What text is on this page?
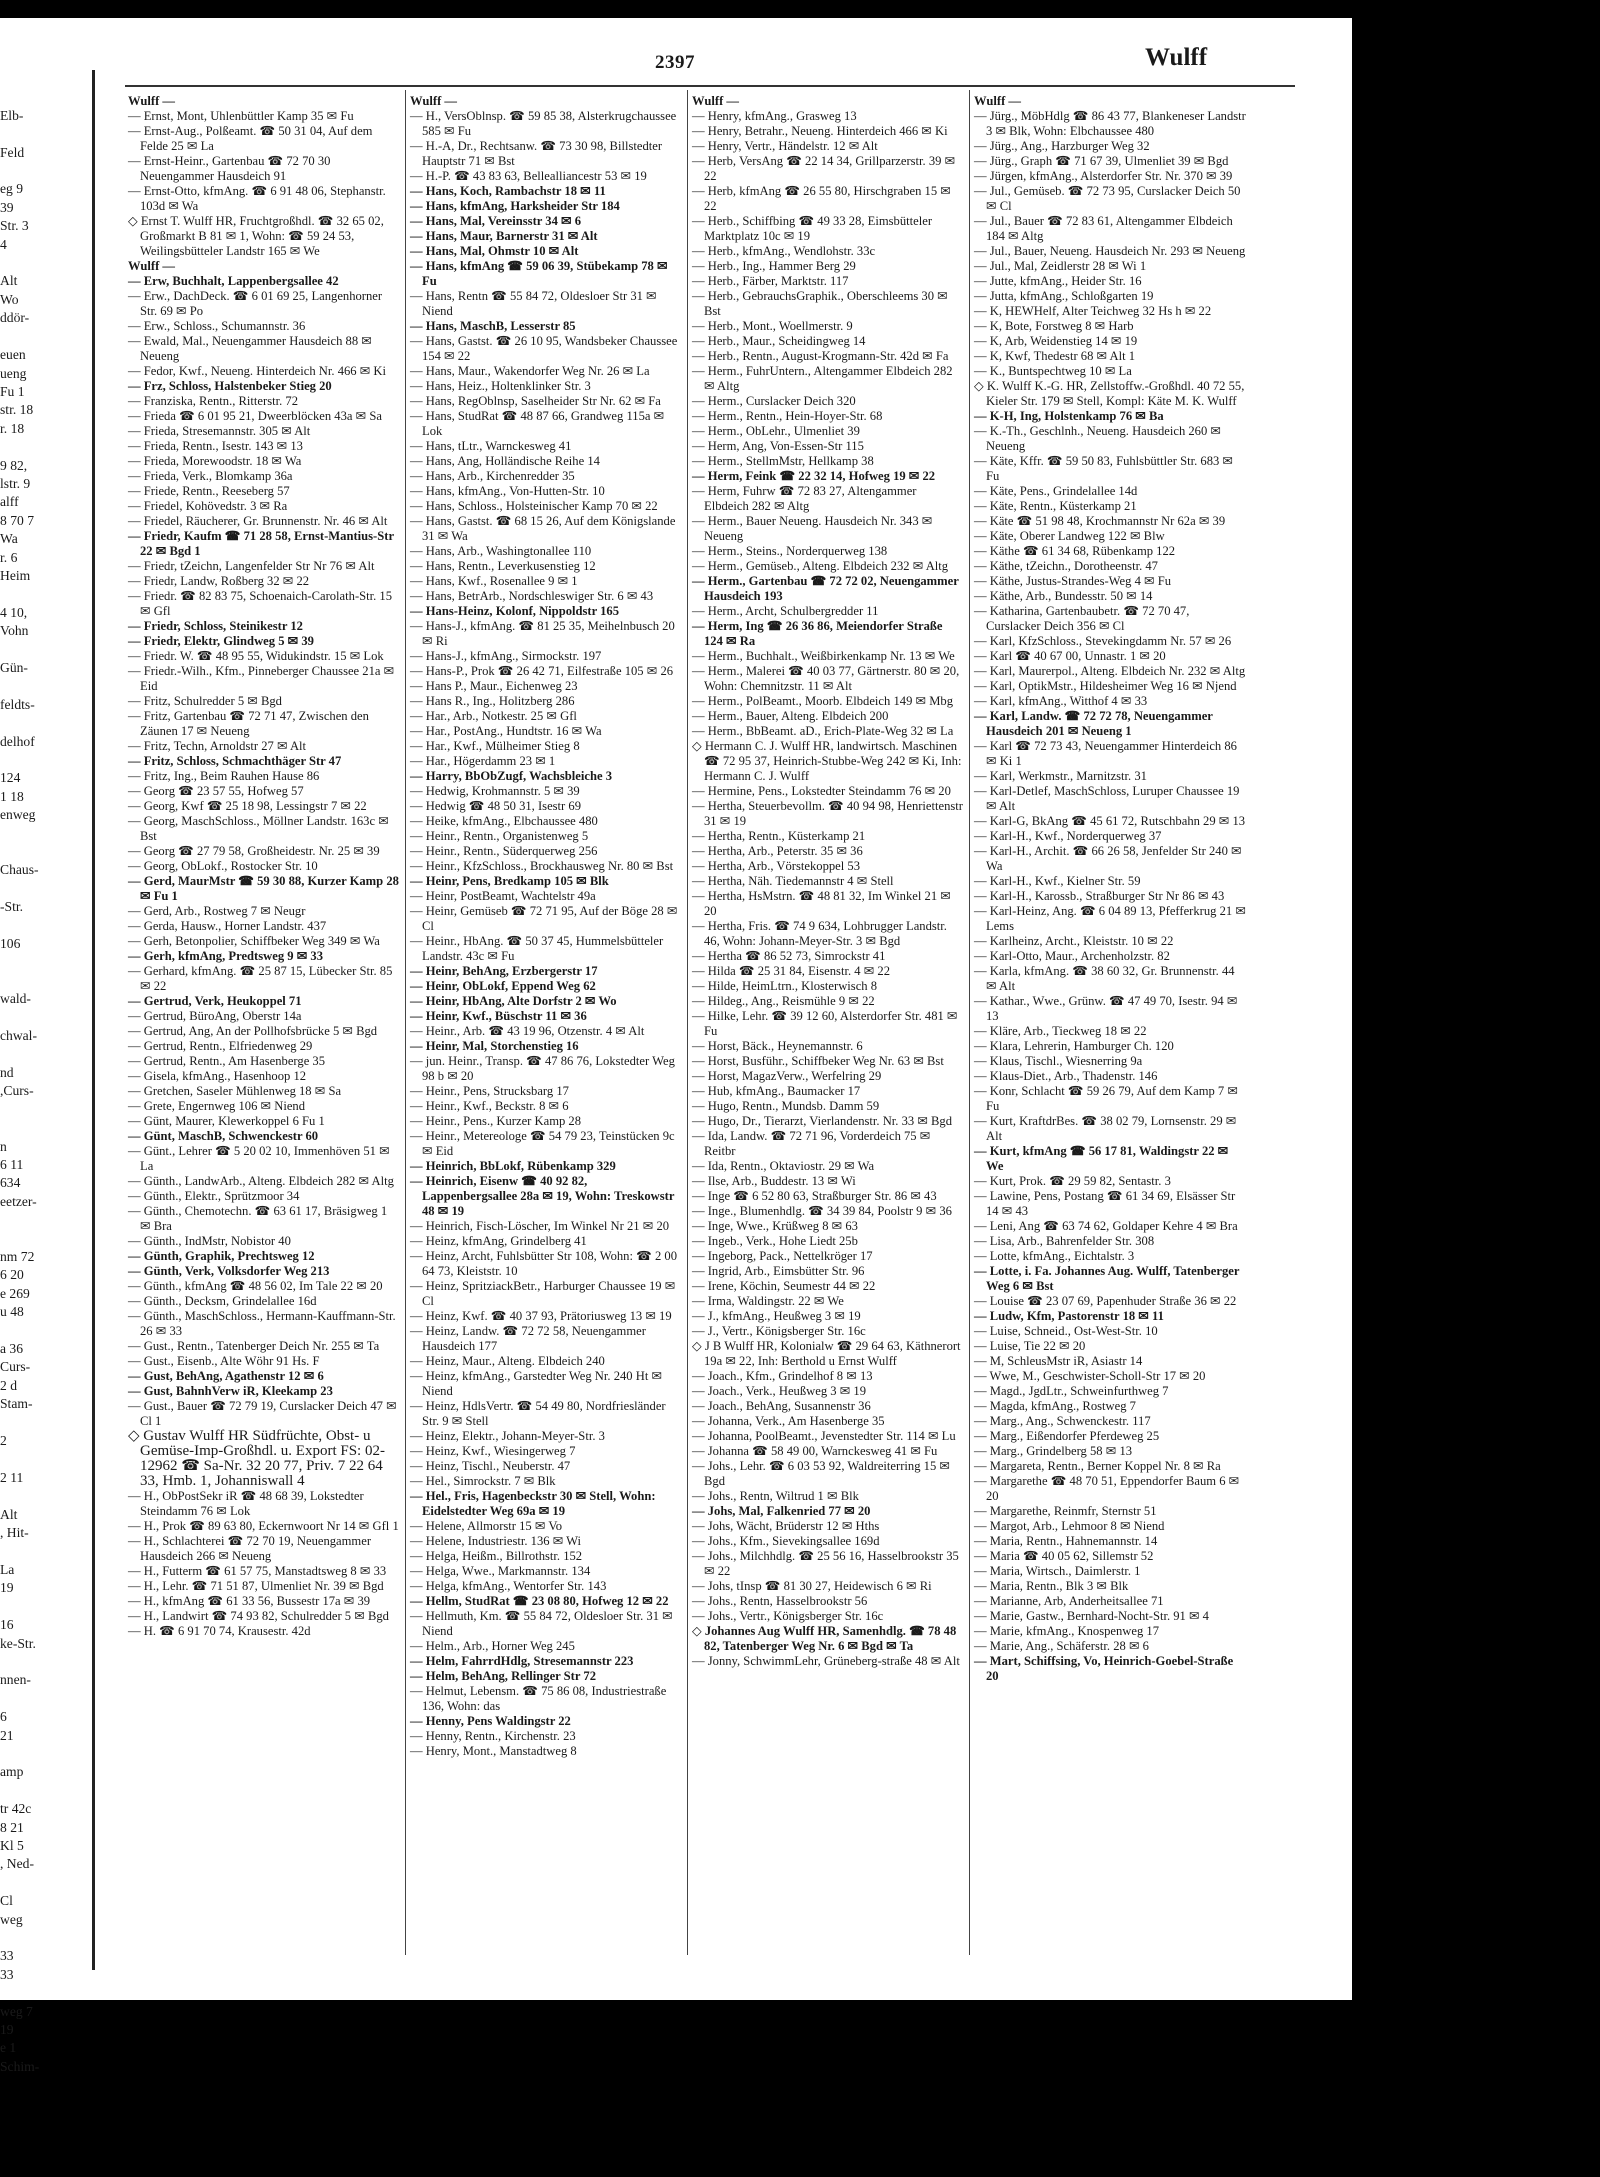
Elb-

Feld

eg 9
39
Str. 3
4

Alt
Wo
ddör-

euen
ueng
Fu 1
str. 18
r. 18

9 82,
lstr. 9
alff
8 70 7
Wa
r. 6
Heim

4 10,
Vohn

Gün-

feldts-

delhof

124
1 18
enweg

Chaus-

-Str.

106

wald-

chwal-

nd
,Curs-

n
6 11
634
eetzer-

nm 72
6 20
e 269
u 48

a 36
Curs-
2 d
Stam-

2

2 11

Alt
, Hit-

La
19

16
ke-Str.

nnen-

6
21

amp

tr 42c
8 21
Kl 5
, Ned-

Cl
weg

33
33

weg 7
19
e 1
Schim-
2397	Wulff
Wulff —
— Ernst, Mont, Uhlenbüttler Kamp 35 ✉ Fu
— Ernst-Aug., Polßeamt. ☎ 50 31 04, Auf dem Felde 25 ✉ La
— Ernst-Heinr., Gartenbau ☎ 72 70 30 Neuengammer Hausdeich 91
— Ernst-Otto, kfmAng. ☎ 6 91 48 06, Stephanstr. 103d ✉ Wa
◇ Ernst T. Wulff HR, Fruchtgroßhdl. ☎ 32 65 02, Großmarkt B 81 ✉ 1, Wohn: ☎ 59 24 53, Weilingsbütteler Landstr 165 ✉ We
Wulff —
— Erw, Buchhalt, Lappenbergsallee 42
— Erw., DachDeck. ☎ 6 01 69 25, Langenhorner Str. 69 ✉ Po
— Erw., Schloss., Schumannstr. 36
— Ewald, Mal., Neuengammer Hausdeich 88 ✉ Neueng
— Fedor, Kwf., Neueng. Hinterdeich Nr. 466 ✉ Ki
— Frz, Schloss, Halstenbeker Stieg 20
— Franziska, Rentn., Ritterstr. 72
— Frieda ☎ 6 01 95 21, Dweerblöcken 43a ✉ Sa
— Frieda, Stresemannstr. 305 ✉ Alt
— Frieda, Rentn., Isestr. 143 ✉ 13
— Frieda, Morewoodstr. 18 ✉ Wa
— Frieda, Verk., Blomkamp 36a
— Friede, Rentn., Reeseberg 57
— Friedel, Kohövedstr. 3 ✉ Ra
— Friedel, Räucherer, Gr. Brunnenstr. Nr. 46 ✉ Alt
— Friedr, Kaufm ☎ 71 28 58, Ernst-Mantius-Str 22 ✉ Bgd 1
— Friedr, tZeichn, Langenfelder Str Nr 76 ✉ Alt
— Friedr, Landw, Roßberg 32 ✉ 22
— Friedr. ☎ 82 83 75, Schoenaich-Carolath-Str. 15 ✉ Gfl
— Friedr, Schloss, Steinikestr 12
— Friedr, Elektr, Glindweg 5 ✉ 39
— Friedr. W. ☎ 48 95 55, Widukindstr. 15 ✉ Lok
— Friedr.-Wilh., Kfm., Pinneberger Chaussee 21a ✉ Eid
— Fritz, Schulredder 5 ✉ Bgd
— Fritz, Gartenbau ☎ 72 71 47, Zwischen den Zäunen 17 ✉ Neueng
— Fritz, Techn, Arnoldstr 27 ✉ Alt
— Fritz, Schloss, Schmachthäger Str 47
— Fritz, Ing., Beim Rauhen Hause 86
— Georg ☎ 23 57 55, Hofweg 57
— Georg, Kwf ☎ 25 18 98, Lessingstr 7 ✉ 22
— Georg, MaschSchloss., Möllner Landstr. 163c ✉ Bst
— Georg ☎ 27 79 58, Großheidestr. Nr. 25 ✉ 39
— Georg, ObLokf., Rostocker Str. 10
— Gerd, MaurMstr ☎ 59 30 88, Kurzer Kamp 28 ✉ Fu 1
— Gerd, Arb., Rostweg 7 ✉ Neugr
— Gerda, Hausw., Horner Landstr. 437
— Gerh, Betonpolier, Schiffbeker Weg 349 ✉ Wa
— Gerh, kfmAng, Predtsweg 9 ✉ 33
— Gerhard, kfmAng. ☎ 25 87 15, Lübecker Str. 85 ✉ 22
— Gertrud, Verk, Heukoppel 71
— Gertrud, BüroAng, Oberstr 14a
— Gertrud, Ang, An der Pollhofsbrücke 5 ✉ Bgd
— Gertrud, Rentn., Elfriedenweg 29
— Gertrud, Rentn., Am Hasenberge 35
— Gisela, kfmAng., Hasenhoop 12
— Gretchen, Saseler Mühlenweg 18 ✉ Sa
— Grete, Engernweg 106 ✉ Niend
— Günt, Maurer, Klewerkoppel 6 Fu 1
— Günt, MaschB, Schwenckestr 60
— Günt., Lehrer ☎ 5 20 02 10, Immenhöven 51 ✉ La
— Günth., LandwArb., Alteng. Elbdeich 282 ✉ Altg
— Günth., Elektr., Sprützmoor 34
— Günth., Chemotechn. ☎ 63 61 17, Bräsigweg 1 ✉ Bra
— Günth., IndMstr, Nobistor 40
— Günth, Graphik, Prechtsweg 12
— Günth, Verk, Volksdorfer Weg 213
— Günth., kfmAng ☎ 48 56 02, Im Tale 22 ✉ 20
— Günth., Decksm, Grindelallee 16d
— Günth., MaschSchloss., Hermann-Kauffmann-Str. 26 ✉ 33
— Gust., Rentn., Tatenberger Deich Nr. 255 ✉ Ta
— Gust., Eisenb., Alte Wöhr 91 Hs. F
— Gust, BehAng, Agathenstr 12 ✉ 6
— Gust, BahnhVerw iR, Kleekamp 23
— Gust., Bauer ☎ 72 79 19, Curslacker Deich 47 ✉ Cl 1
◇ Gustav Wulff HR Südfrüchte, Obst- u Gemüse-Imp-Großhdl. u. Export FS: 02-12962 ☎ Sa-Nr. 32 20 77, Priv. 7 22 64 33, Hmb. 1, Johanniswall 4
— H., ObPostSekr iR ☎ 48 68 39, Lokstedter Steindamm 76 ✉ Lok
— H., Prok ☎ 89 63 80, Eckernwoort Nr 14 ✉ Gfl 1
— H., Schlachterei ☎ 72 70 19, Neuengammer Hausdeich 266 ✉ Neueng
— H., Futterm ☎ 61 57 75, Manstadtsweg 8 ✉ 33
— H., Lehr. ☎ 71 51 87, Ulmenliet Nr. 39 ✉ Bgd
— H., kfmAng ☎ 61 33 56, Bussestr 17a ✉ 39
— H., Landwirt ☎ 74 93 82, Schulredder 5 ✉ Bgd
— H. ☎ 6 91 70 74, Krausestr. 42d
Wulff —
— H., VersOblnsp. ☎ 59 85 38, Alsterkrugchaussee 585 ✉ Fu
— H.-A, Dr., Rechtsanw. ☎ 73 30 98, Billstedter Hauptstr 71 ✉ Bst
— H.-P. ☎ 43 83 63, Bellealliancestr 53 ✉ 19
— Hans, Koch, Rambachstr 18 ✉ 11
— Hans, kfmAng, Harksheider Str 184
— Hans, Mal, Vereinsstr 34 ✉ 6
— Hans, Maur, Barnerstr 31 ✉ Alt
— Hans, Mal, Ohmstr 10 ✉ Alt
— Hans, kfmAng ☎ 59 06 39, Stübekamp 78 ✉ Fu
— Hans, Rentn ☎ 55 84 72, Oldesloer Str 31 ✉ Niend
— Hans, MaschB, Lesserstr 85
— Hans, Gastst. ☎ 26 10 95, Wandsbeker Chaussee 154 ✉ 22
— Hans, Maur., Wakendorfer Weg Nr. 26 ✉ La
— Hans, Heiz., Holtenklinker Str. 3
— Hans, RegOblnsp, Saselheider Str Nr. 62 ✉ Fa
— Hans, StudRat ☎ 48 87 66, Grandweg 115a ✉ Lok
— Hans, tLtr., Warnckesweg 41
— Hans, Ang, Holländische Reihe 14
— Hans, Arb., Kirchenredder 35
— Hans, kfmAng., Von-Hutten-Str. 10
— Hans, Schloss., Holsteinischer Kamp 70 ✉ 22
— Hans, Gastst. ☎ 68 15 26, Auf dem Königslande 31 ✉ Wa
— Hans, Arb., Washingtonallee 110
— Hans, Rentn., Leverkusenstieg 12
— Hans, Kwf., Rosenallee 9 ✉ 1
— Hans, BetrArb., Nordschleswiger Str. 6 ✉ 43
— Hans-Heinz, Kolonf, Nippoldstr 165
— Hans-J., kfmAng. ☎ 81 25 35, Meihelnbusch 20 ✉ Ri
— Hans-J., kfmAng., Sirmockstr. 197
— Hans-P., Prok ☎ 26 42 71, Eilfestraße 105 ✉ 26
— Hans P., Maur., Eichenweg 23
— Hans R., Ing., Holitzberg 286
— Har., Arb., Notkestr. 25 ✉ Gfl
— Har., PostAng., Hundtstr. 16 ✉ Wa
— Har., Kwf., Mülheimer Stieg 8
— Har., Högerdamm 23 ✉ 1
— Harry, BbObZugf, Wachsbleiche 3
— Hedwig, Krohmannstr. 5 ✉ 39
— Hedwig ☎ 48 50 31, Isestr 69
— Heike, kfmAng., Elbchaussee 480
— Heinr., Rentn., Organistenweg 5
— Heinr., Rentn., Süderquerweg 256
— Heinr., KfzSchloss., Brockhausweg Nr. 80 ✉ Bst
— Heinr, Pens, Bredkamp 105 ✉ Blk
— Heinr, PostBeamt, Wachtelstr 49a
— Heinr, Gemüseb ☎ 72 71 95, Auf der Böge 28 ✉ Cl
— Heinr., HbAng. ☎ 50 37 45, Hummelsbütteler Landstr. 43c ✉ Fu
— Heinr, BehAng, Erzbergerstr 17
— Heinr, ObLokf, Eppend Weg 62
— Heinr, HbAng, Alte Dorfstr 2 ✉ Wo
— Heinr, Kwf., Büschstr 11 ✉ 36
— Heinr., Arb. ☎ 43 19 96, Otzenstr. 4 ✉ Alt
— Heinr, Mal, Storchenstieg 16
— jun. Heinr., Transp. ☎ 47 86 76, Lokstedter Weg 98 b ✉ 20
— Heinr., Pens, Strucksbarg 17
— Heinr., Kwf., Beckstr. 8 ✉ 6
— Heinr., Pens., Kurzer Kamp 28
— Heinr., Metereologe ☎ 54 79 23, Teinstücken 9c ✉ Eid
— Heinrich, BbLokf, Rübenkamp 329
— Heinrich, Eisenw ☎ 40 92 82, Lappenbergsallee 28a ✉ 19, Wohn: Treskowstr 48 ✉ 19
— Heinrich, Fisch-Löscher, Im Winkel Nr 21 ✉ 20
— Heinz, kfmAng, Grindelberg 41
— Heinz, Archt, Fuhlsbütter Str 108, Wohn: ☎ 2 00 64 73, Kleiststr. 10
— Heinz, SpritziackBetr., Harburger Chaussee 19 ✉ Cl
— Heinz, Kwf. ☎ 40 37 93, Prätoriusweg 13 ✉ 19
— Heinz, Landw. ☎ 72 72 58, Neuengammer Hausdeich 177
— Heinz, Maur., Alteng. Elbdeich 240
— Heinz, kfmAng., Garstedter Weg Nr. 240 Ht ✉ Niend
— Heinz, HdlsVertr. ☎ 54 49 80, Nordfriesländer Str. 9 ✉ Stell
— Heinz, Elektr., Johann-Meyer-Str. 3
— Heinz, Kwf., Wiesingerweg 7
— Heinz, Tischl., Neuberstr. 47
— Hel., Simrockstr. 7 ✉ Blk
— Hel., Fris, Hagenbeckstr 30 ✉ Stell, Wohn: Eidelstedter Weg 69a ✉ 19
— Helene, Allmorstr 15 ✉ Vo
— Helene, Industriestr. 136 ✉ Wi
— Helga, Heißm., Billrothstr. 152
— Helga, Wwe., Markmannstr. 134
— Helga, kfmAng., Wentorfer Str. 143
— Hellm, StudRat ☎ 23 08 80, Hofweg 12 ✉ 22
— Hellmuth, Km. ☎ 55 84 72, Oldesloer Str. 31 ✉ Niend
— Helm., Arb., Horner Weg 245
— Helm, FahrrdHdlg, Stresemannstr 223
— Helm, BehAng, Rellinger Str 72
— Helmut, Lebensm. ☎ 75 86 08, Industriestraße 136, Wohn: das
— Henny, Pens Waldingstr 22
— Henny, Rentn., Kirchenstr. 23
— Henry, Mont., Manstadtweg 8
Wulff —
— Henry, kfmAng., Grasweg 13
— Henry, Betrahr., Neueng. Hinterdeich 466 ✉ Ki
— Henry, Vertr., Händelstr. 12 ✉ Alt
— Herb, VersAng ☎ 22 14 34, Grillparzerstr. 39 ✉ 22
— Herb, kfmAng ☎ 26 55 80, Hirschgraben 15 ✉ 22
— Herb., Schiffbing ☎ 49 33 28, Eimsbütteler Marktplatz 10c ✉ 19
— Herb., kfmAng., Wendlohstr. 33c
— Herb., Ing., Hammer Berg 29
— Herb., Färber, Marktstr. 117
— Herb., GebrauchsGraphik., Oberschleems 30 ✉ Bst
— Herb., Mont., Woellmerstr. 9
— Herb., Maur., Scheidingweg 14
— Herb., Rentn., August-Krogmann-Str. 42d ✉ Fa
— Herm., FuhrUntern., Altengammer Elbdeich 282 ✉ Altg
— Herm., Curslacker Deich 320
— Herm., Rentn., Hein-Hoyer-Str. 68
— Herm., ObLehr., Ulmenliet 39
— Herm, Ang, Von-Essen-Str 115
— Herm., StellmMstr, Hellkamp 38
— Herm, Feink ☎ 22 32 14, Hofweg 19 ✉ 22
— Herm, Fuhrw ☎ 72 83 27, Altengammer Elbdeich 282 ✉ Altg
— Herm., Bauer Neueng. Hausdeich Nr. 343 ✉ Neueng
— Herm., Steins., Norderquerweg 138
— Herm., Gemüseb., Alteng. Elbdeich 232 ✉ Altg
— Herm., Gartenbau ☎ 72 72 02, Neuengammer Hausdeich 193
— Herm., Archt, Schulbergredder 11
— Herm, Ing ☎ 26 36 86, Meiendorfer Straße 124 ✉ Ra
— Herm., Buchhalt., Weißbirkenkamp Nr. 13 ✉ We
— Herm., Malerei ☎ 40 03 77, Gärtnerstr. 80 ✉ 20, Wohn: Chemnitzstr. 11 ✉ Alt
— Herm., PolBeamt., Moorb. Elbdeich 149 ✉ Mbg
— Herm., Bauer, Alteng. Elbdeich 200
— Herm., BbBeamt. aD., Erich-Plate-Weg 32 ✉ La
◇ Hermann C. J. Wulff HR, landwirtsch. Maschinen ☎ 72 95 37, Heinrich-Stubbe-Weg 242 ✉ Ki, Inh: Hermann C. J. Wulff
— Hermine, Pens., Lokstedter Steindamm 76 ✉ 20
— Hertha, Steuerbevollm. ☎ 40 94 98, Henriettenstr 31 ✉ 19
— Hertha, Rentn., Küsterkamp 21
— Hertha, Arb., Peterstr. 35 ✉ 36
— Hertha, Arb., Vörstekoppel 53
— Hertha, Näh. Tiedemannstr 4 ✉ Stell
— Hertha, HsMstrn. ☎ 48 81 32, Im Winkel 21 ✉ 20
— Hertha, Fris. ☎ 74 9 634, Lohbrugger Landstr. 46, Wohn: Johann-Meyer-Str. 3 ✉ Bgd
— Hertha ☎ 86 52 73, Simrockstr 41
— Hilda ☎ 25 31 84, Eisenstr. 4 ✉ 22
— Hilde, HeimLtrn., Klosterwisch 8
— Hildeg., Ang., Reismühle 9 ✉ 22
— Hilke, Lehr. ☎ 39 12 60, Alsterdorfer Str. 481 ✉ Fu
— Horst, Bäck., Heynemannstr. 6
— Horst, Busführ., Schiffbeker Weg Nr. 63 ✉ Bst
— Horst, MagazVerw., Werfelring 29
— Hub, kfmAng., Baumacker 17
— Hugo, Rentn., Mundsb. Damm 59
— Hugo, Dr., Tierarzt, Vierlandenstr. Nr. 33 ✉ Bgd
— Ida, Landw. ☎ 72 71 96, Vorderdeich 75 ✉ Reitbr
— Ida, Rentn., Oktaviostr. 29 ✉ Wa
— Ilse, Arb., Buddestr. 13 ✉ Wi
— Inge ☎ 6 52 80 63, Straßburger Str. 86 ✉ 43
— Inge., Blumenhdlg. ☎ 34 39 84, Poolstr 9 ✉ 36
— Inge, Wwe., Krüßweg 8 ✉ 63
— Ingeb., Verk., Hohe Liedt 25b
— Ingeborg, Pack., Nettelkröger 17
— Ingrid, Arb., Eimsbütter Str. 96
— Irene, Köchin, Seumestr 44 ✉ 22
— Irma, Waldingstr. 22 ✉ We
— J., kfmAng., Heußweg 3 ✉ 19
— J., Vertr., Königsberger Str. 16c
◇ J B Wulff HR, Kolonialw ☎ 29 64 63, Käthnerort 19a ✉ 22, Inh: Berthold u Ernst Wulff
— Joach., Kfm., Grindelhof 8 ✉ 13
— Joach., Verk., Heußweg 3 ✉ 19
— Joach., BehAng, Susannenstr 36
— Johanna, Verk., Am Hasenberge 35
— Johanna, PoolBeamt., Jevenstedter Str. 114 ✉ Lu
— Johanna ☎ 58 49 00, Warnckesweg 41 ✉ Fu
— Johs., Lehr. ☎ 6 03 53 92, Waldreiterring 15 ✉ Bgd
— Johs., Rentn, Wiltrud 1 ✉ Blk
— Johs, Mal, Falkenried 77 ✉ 20
— Johs, Wächt, Brüderstr 12 ✉ Hths
— Johs., Kfm., Sievekingsallee 169d
— Johs., Milchhdlg. ☎ 25 56 16, Hasselbrookstr 35 ✉ 22
— Johs, tInsp ☎ 81 30 27, Heidewisch 6 ✉ Ri
— Johs., Rentn, Hasselbrookstr 56
— Johs., Vertr., Königsberger Str. 16c
◇ Johannes Aug Wulff HR, Samenhdlg. ☎ 78 48 82, Tatenberger Weg Nr. 6 ✉ Bgd ✉ Ta
— Jonny, SchwimmLehr, Grüneberg-straße 48 ✉ Alt
Wulff —
— Jürg., MöbHdlg ☎ 86 43 77, Blankeneser Landstr 3 ✉ Blk, Wohn: Elbchaussee 480
— Jürg., Ang., Harzburger Weg 32
— Jürg., Graph ☎ 71 67 39, Ulmenliet 39 ✉ Bgd
— Jürgen, kfmAng., Alsterdorfer Str. Nr. 370 ✉ 39
— Jul., Gemüseb. ☎ 72 73 95, Curslacker Deich 50 ✉ Cl
— Jul., Bauer ☎ 72 83 61, Altengammer Elbdeich 184 ✉ Altg
— Jul., Bauer, Neueng. Hausdeich Nr. 293 ✉ Neueng
— Jul., Mal, Zeidlerstr 28 ✉ Wi 1
— Jutte, kfmAng., Heider Str. 16
— Jutta, kfmAng., Schloßgarten 19
— K, HEWHelf, Alter Teichweg 32 Hs h ✉ 22
— K, Bote, Forstweg 8 ✉ Harb
— K, Arb, Weidenstieg 14 ✉ 19
— K, Kwf, Thedestr 68 ✉ Alt 1
— K., Buntspechtweg 10 ✉ La
◇ K. Wulff K.-G. HR, Zellstoffw.-Großhdl. 40 72 55, Kieler Str. 179 ✉ Stell, Kompl: Käte M. K. Wulff
— K-H, Ing, Holstenkamp 76 ✉ Ba
— K.-Th., Geschlnh., Neueng. Hausdeich 260 ✉ Neueng
— Käte, Kffr. ☎ 59 50 83, Fuhlsbüttler Str. 683 ✉ Fu
— Käte, Pens., Grindelallee 14d
— Käte, Rentn., Küsterkamp 21
— Käte ☎ 51 98 48, Krochmannstr Nr 62a ✉ 39
— Käte, Oberer Landweg 122 ✉ Blw
— Käthe ☎ 61 34 68, Rübenkamp 122
— Käthe, tZeichn., Dorotheenstr. 47
— Käthe, Justus-Strandes-Weg 4 ✉ Fu
— Käthe, Arb., Bundesstr. 50 ✉ 14
— Katharina, Gartenbaubetr. ☎ 72 70 47, Curslacker Deich 356 ✉ Cl
— Karl, KfzSchloss., Stevekingdamm Nr. 57 ✉ 26
— Karl ☎ 40 67 00, Unnastr. 1 ✉ 20
— Karl, Maurerpol., Alteng. Elbdeich Nr. 232 ✉ Altg
— Karl, OptikMstr., Hildesheimer Weg 16 ✉ Njend
— Karl, kfmAng., Witthof 4 ✉ 33
— Karl, Landw. ☎ 72 72 78, Neuengammer Hausdeich 201 ✉ Neueng 1
— Karl ☎ 72 73 43, Neuengammer Hinterdeich 86 ✉ Ki 1
— Karl, Werkmstr., Marnitzstr. 31
— Karl-Detlef, MaschSchloss, Luruper Chaussee 19 ✉ Alt
— Karl-G, BkAng ☎ 45 61 72, Rutschbahn 29 ✉ 13
— Karl-H., Kwf., Norderquerweg 37
— Karl-H., Archit. ☎ 66 26 58, Jenfelder Str 240 ✉ Wa
— Karl-H., Kwf., Kielner Str. 59
— Karl-H., Karossb., Straßburger Str Nr 86 ✉ 43
— Karl-Heinz, Ang. ☎ 6 04 89 13, Pfefferkrug 21 ✉ Lems
— Karlheinz, Archt., Kleiststr. 10 ✉ 22
— Karl-Otto, Maur., Archenholzstr. 82
— Karla, kfmAng. ☎ 38 60 32, Gr. Brunnenstr. 44 ✉ Alt
— Kathar., Wwe., Grünw. ☎ 47 49 70, Isestr. 94 ✉ 13
— Kläre, Arb., Tieckweg 18 ✉ 22
— Klara, Lehrerin, Hamburger Ch. 120
— Klaus, Tischl., Wiesnerring 9a
— Klaus-Diet., Arb., Thadenstr. 146
— Konr, Schlacht ☎ 59 26 79, Auf dem Kamp 7 ✉ Fu
— Kurt, KraftdrBes. ☎ 38 02 79, Lornsenstr. 29 ✉ Alt
— Kurt, kfmAng ☎ 56 17 81, Waldingstr 22 ✉ We
— Kurt, Prok. ☎ 29 59 82, Sentastr. 3
— Lawine, Pens, Postang ☎ 61 34 69, Elsässer Str 14 ✉ 43
— Leni, Ang ☎ 63 74 62, Goldaper Kehre 4 ✉ Bra
— Lisa, Arb., Bahrenfelder Str. 308
— Lotte, kfmAng., Eichtalstr. 3
— Lotte, i. Fa. Johannes Aug. Wulff, Tatenberger Weg 6 ✉ Bst
— Louise ☎ 23 07 69, Papenhuder Straße 36 ✉ 22
— Ludw, Kfm, Pastorenstr 18 ✉ 11
— Luise, Schneid., Ost-West-Str. 10
— Luise, Tie 22 ✉ 20
— M, SchleusMstr iR, Asiastr 14
— Wwe, M., Geschwister-Scholl-Str 17 ✉ 20
— Magd., JgdLtr., Schweinfurthweg 7
— Magda, kfmAng., Rostweg 7
— Marg., Ang., Schwenckestr. 117
— Marg., Eißendorfer Pferdeweg 25
— Marg., Grindelberg 58 ✉ 13
— Margareta, Rentn., Berner Koppel Nr. 8 ✉ Ra
— Margarethe ☎ 48 70 51, Eppendorfer Baum 6 ✉ 20
— Margarethe, Reinmfr, Sternstr 51
— Margot, Arb., Lehmoor 8 ✉ Niend
— Maria, Rentn., Hahnemannstr. 14
— Maria ☎ 40 05 62, Sillemstr 52
— Maria, Wirtsch., Daimlerstr. 1
— Maria, Rentn., Blk 3 ✉ Blk
— Marianne, Arb, Anderheitsallee 71
— Marie, Gastw., Bernhard-Nocht-Str. 91 ✉ 4
— Marie, kfmAng., Knospenweg 17
— Marie, Ang., Schäferstr. 28 ✉ 6
— Mart, Schiffsing, Vo, Heinrich-Goebel-Straße 20
